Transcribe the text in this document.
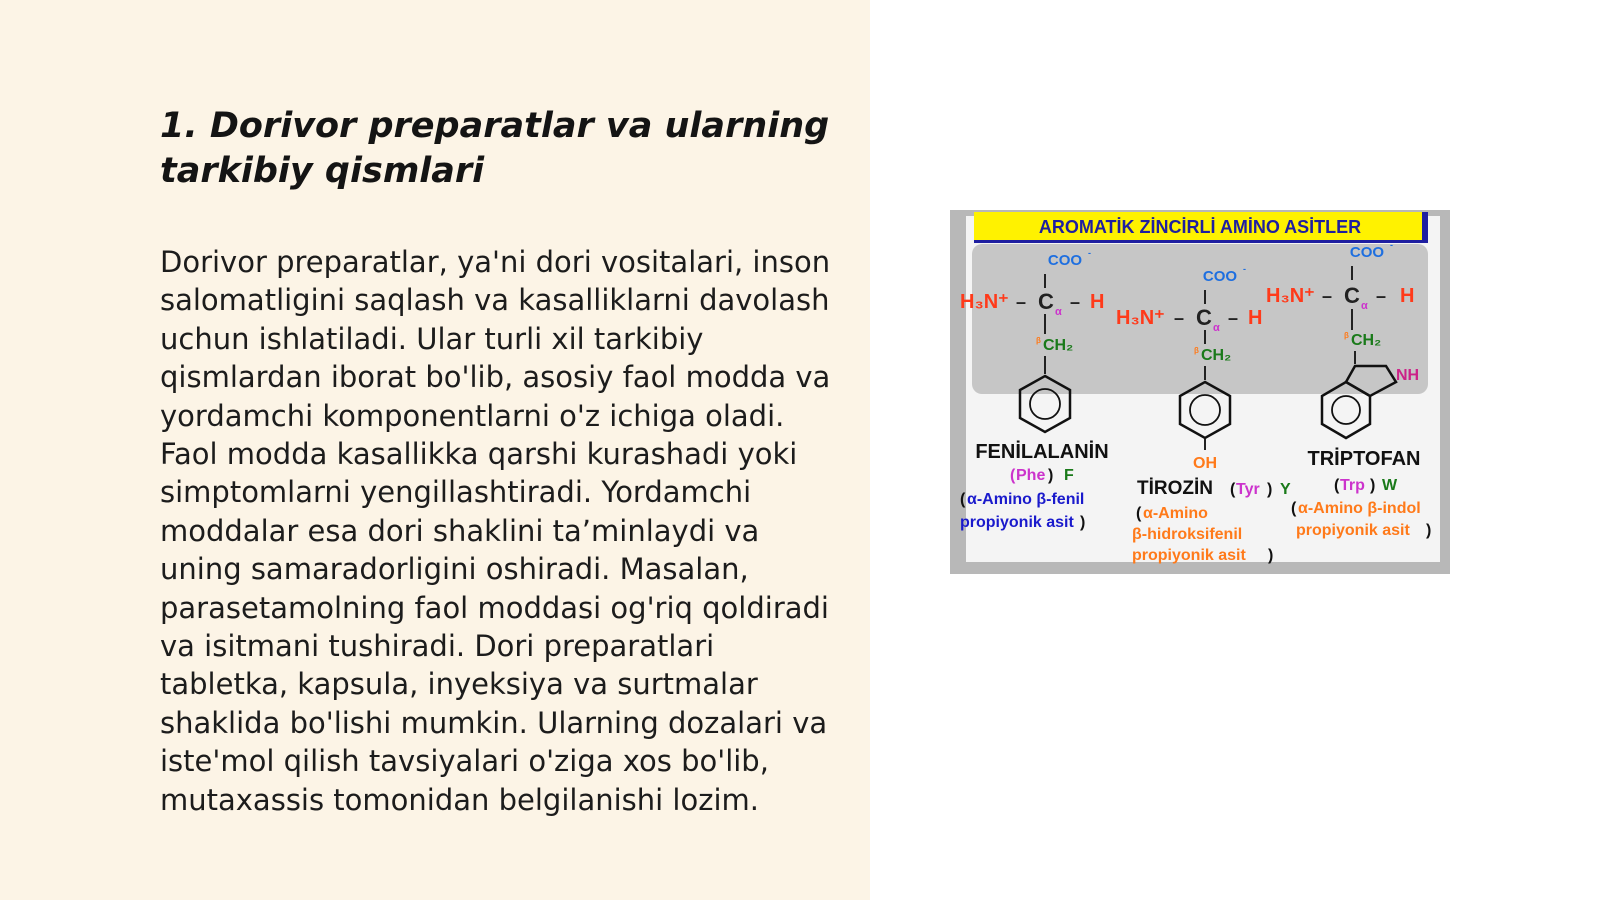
1. Dorivor preparatlar va ularning tarkibiy qismlari

Dorivor preparatlar, ya'ni dori vositalari, inson salomatligini saqlash va kasalliklarni davolash uchun ishlatiladi. Ular turli xil tarkibiy qismlardan iborat bo'lib, asosiy faol modda va yordamchi komponentlarni o'z ichiga oladi. Faol modda kasallikka qarshi kurashadi yoki simptomlarni yengillashtiradi. Yordamchi moddalar esa dori shaklini ta’minlaydi va uning samaradorligini oshiradi. Masalan, parasetamolning faol moddasi og'riq qoldiradi va isitmani tushiradi. Dori preparatlari tabletka, kapsula, inyeksiya va surtmalar shaklida bo'lishi mumkin. Ularning dozalari va iste'mol qilish tavsiyalari o'ziga xos bo'lib, mutaxassis tomonidan belgilanishi lozim.

AROMATİK ZİNCİRLİ AMİNO ASİTLER
COO -
H₃N⁺ – C α – H
β CH₂
FENİLALANİN
( Phe ) F
( α-Amino β-fenil
propiyonik asit )
COO -
H₃N⁺ – C α – H
β CH₂
OH
TİROZİN ( Tyr ) Y
( α-Amino
β-hidroksifenil
propiyonik asit )
COO -
H₃N⁺ – C α – H
β CH₂
NH
TRİPTOFAN
( Trp ) W
( α-Amino β-indol
propiyonik asit )
